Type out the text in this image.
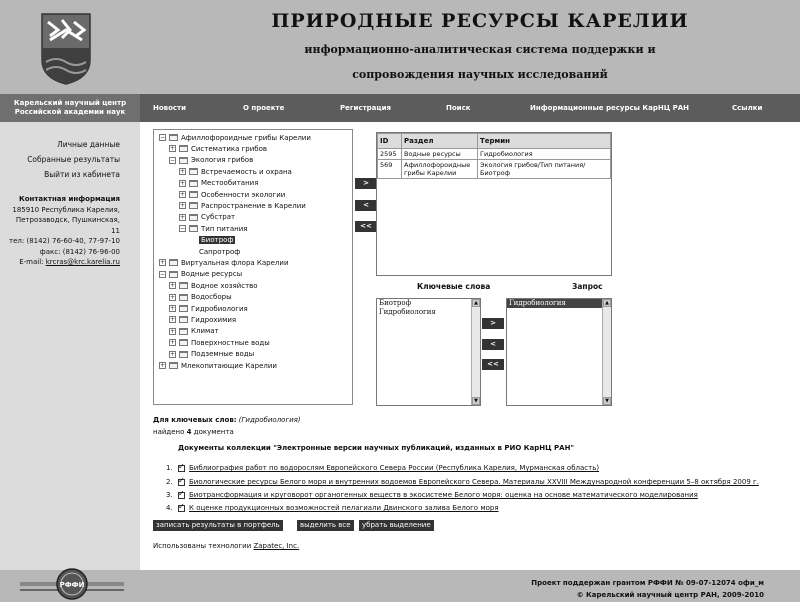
ПРИРОДНЫЕ РЕСУРСЫ КАРЕЛИИ
информационно-аналитическая система поддержки и
сопровождения научных исследований
Карельский научный центр
Российской академии наук	Новости	О проекте	Регистрация	Поиск	Информационные ресурсы КарНЦ РАН	Ссылки
Личные данные
Собранные результаты
Выйти из кабинета
Контактная информация
185910 Республика Карелия,
Петрозаводск, Пушкинская, 11
тел: (8142) 76-60-40, 77-97-10
факс: (8142) 76-96-00
E-mail: krcras@krc.karelia.ru
− Афиллофороидные грибы Карелии
+ Систематика грибов
− Экология грибов
+ Встречаемость и охрана
+ Местообитания
+ Особенности экологии
+ Распространение в Карелии
+ Субстрат
− Тип питания
Биотроф
Сапротроф
+ Виртуальная флора Карелии
− Водные ресурсы
+ Водное хозяйство
+ Водосборы
+ Гидробиология
+ Гидрохимия
+ Климат
+ Поверхностные воды
+ Подземные воды
+ Млекопитающие Карелии
>
<
<<
ID	Раздел	Термин
2595	Водные ресурсы	Гидробиология
569	Афиллофороидные грибы Карелии	Экология грибов/Тип питания/Биотроф
Ключевые слова	Запрос
Биотроф
Гидробиология
▲
▼
>
<
<<
Гидробиология	▲
▼
Для ключевых слов: (Гидробиология)
найдено 4 документа
Документы коллекции "Электронные версии научных публикаций, изданных в РИО КарНЦ РАН"
1. ✓	Библиография работ по водорослям Европейского Севера России (Республика Карелия, Мурманская область)
2. ✓	Биологические ресурсы Белого моря и внутренних водоемов Европейского Севера. Материалы XXVIII Международной конференции 5–8 октября 2009 г.
3. ✓	Биотрансформация и круговорот органогенных веществ в экосистеме Белого моря: оценка на основе математического моделирования
4. ✓	К оценке продукционных возможностей пелагиали Двинского залива Белого моря
записать результаты в портфель	выделить все	убрать выделение
Использованы технологии Zapatec, Inc.
РФФИ	Проект поддержан грантом РФФИ № 09-07-12074 офи_м
© Карельский научный центр РАН, 2009-2010
